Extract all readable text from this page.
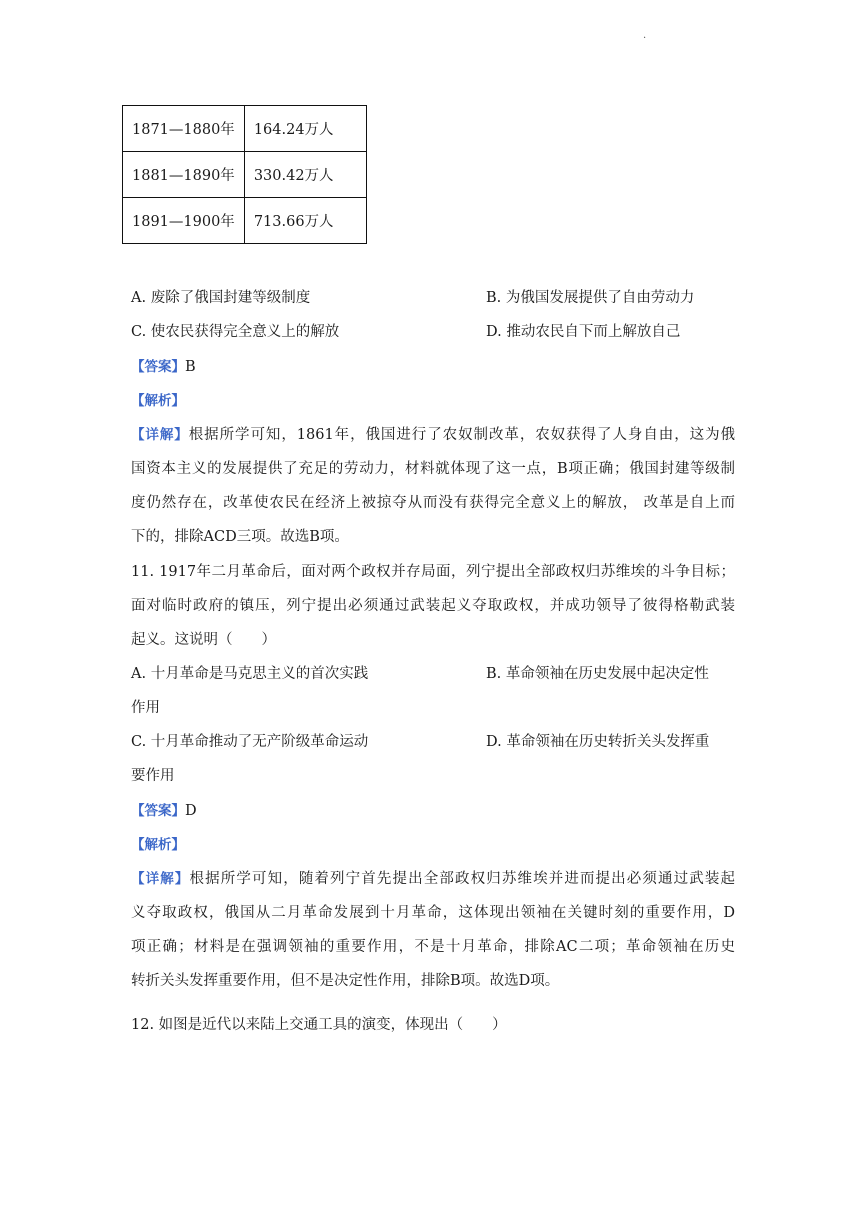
.
1871—1880年	164.24万人
1881—1890年	330.42万人
1891—1900年	713.66万人
A. 废除了俄国封建等级制度	B. 为俄国发展提供了自由劳动力
C. 使农民获得完全意义上的解放	D. 推动农民自下而上解放自己
【答案】B
【解析】
【详解】根据所学可知，1861年，俄国进行了农奴制改革，农奴获得了人身自由，这为俄
国资本主义的发展提供了充足的劳动力，材料就体现了这一点，B项正确；俄国封建等级制
度仍然存在，改革使农民在经济上被掠夺从而没有获得完全意义上的解放， 改革是自上而
下的，排除ACD三项。故选B项。
11. 1917年二月革命后，面对两个政权并存局面，列宁提出全部政权归苏维埃的斗争目标；
面对临时政府的镇压，列宁提出必须通过武装起义夺取政权，并成功领导了彼得格勒武装
起义。这说明（　　）
A. 十月革命是马克思主义的首次实践	B. 革命领袖在历史发展中起决定性
作用
C. 十月革命推动了无产阶级革命运动	D. 革命领袖在历史转折关头发挥重
要作用
【答案】D
【解析】
【详解】根据所学可知，随着列宁首先提出全部政权归苏维埃并进而提出必须通过武装起
义夺取政权，俄国从二月革命发展到十月革命，这体现出领袖在关键时刻的重要作用，D
项正确；材料是在强调领袖的重要作用，不是十月革命，排除AC二项；革命领袖在历史
转折关头发挥重要作用，但不是决定性作用，排除B项。故选D项。
12. 如图是近代以来陆上交通工具的演变，体现出（　　）
